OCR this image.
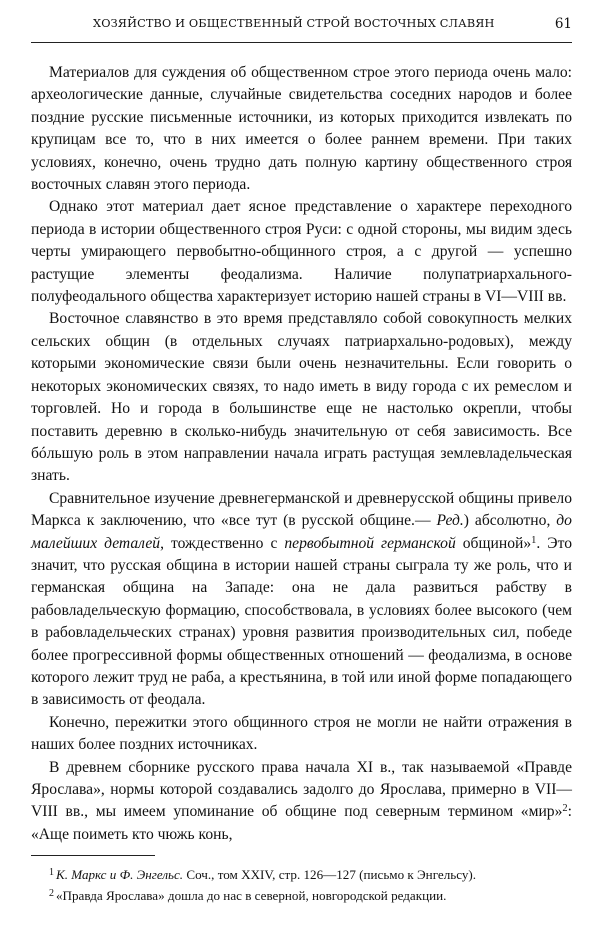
ХОЗЯЙСТВО И ОБЩЕСТВЕННЫЙ СТРОЙ ВОСТОЧНЫХ СЛАВЯН	61

Материалов для суждения об общественном строе этого периода очень мало: археологические данные, случайные свидетельства соседних народов и более поздние русские письменные источники, из которых приходится извлекать по крупицам все то, что в них имеется о более раннем времени. При таких условиях, конечно, очень трудно дать полную картину общественного строя восточных славян этого периода.

Однако этот материал дает ясное представление о характере переходного периода в истории общественного строя Руси: с одной стороны, мы видим здесь черты умирающего первобытно-общинного строя, а с другой — успешно растущие элементы феодализма. Наличие полупатриархального-полуфеодального общества характеризует историю нашей страны в VI—VIII вв.

Восточное славянство в это время представляло собой совокупность мелких сельских общин (в отдельных случаях патриархально-родовых), между которыми экономические связи были очень незначительны. Если говорить о некоторых экономических связях, то надо иметь в виду города с их ремеслом и торговлей. Но и города в большинстве еще не настолько окрепли, чтобы поставить деревню в сколько-нибудь значительную от себя зависимость. Все бóльшую роль в этом направлении начала играть растущая землевладельческая знать.

Сравнительное изучение древнегерманской и древнерусской общины привело Маркса к заключению, что «все тут (в русской общине.— Ред.) абсолютно, до малейших деталей, тождественно с первобытной германской общиной»$^1$. Это значит, что русская община в истории нашей страны сыграла ту же роль, что и германская община на Западе: она не дала развиться рабству в рабовладельческую формацию, способствовала, в условиях более высокого (чем в рабовладельческих странах) уровня развития производительных сил, победе более прогрессивной формы общественных отношений — феодализма, в основе которого лежит труд не раба, а крестьянина, в той или иной форме попадающего в зависимость от феодала.

Конечно, пережитки этого общинного строя не могли не найти отражения в наших более поздних источниках.

В древнем сборнике русского права начала XI в., так называемой «Правде Ярослава», нормы которой создавались задолго до Ярослава, примерно в VII—VIII вв., мы имеем упоминание об общине под северным термином «мир»$^2$: «Аще поиметь кто чюжь конь,

$^1$ К. Маркс и Ф. Энгельс. Соч., том XXIV, стр. 126—127 (письмо к Энгельсу).

$^2$ «Правда Ярослава» дошла до нас в северной, новгородской редакции.
